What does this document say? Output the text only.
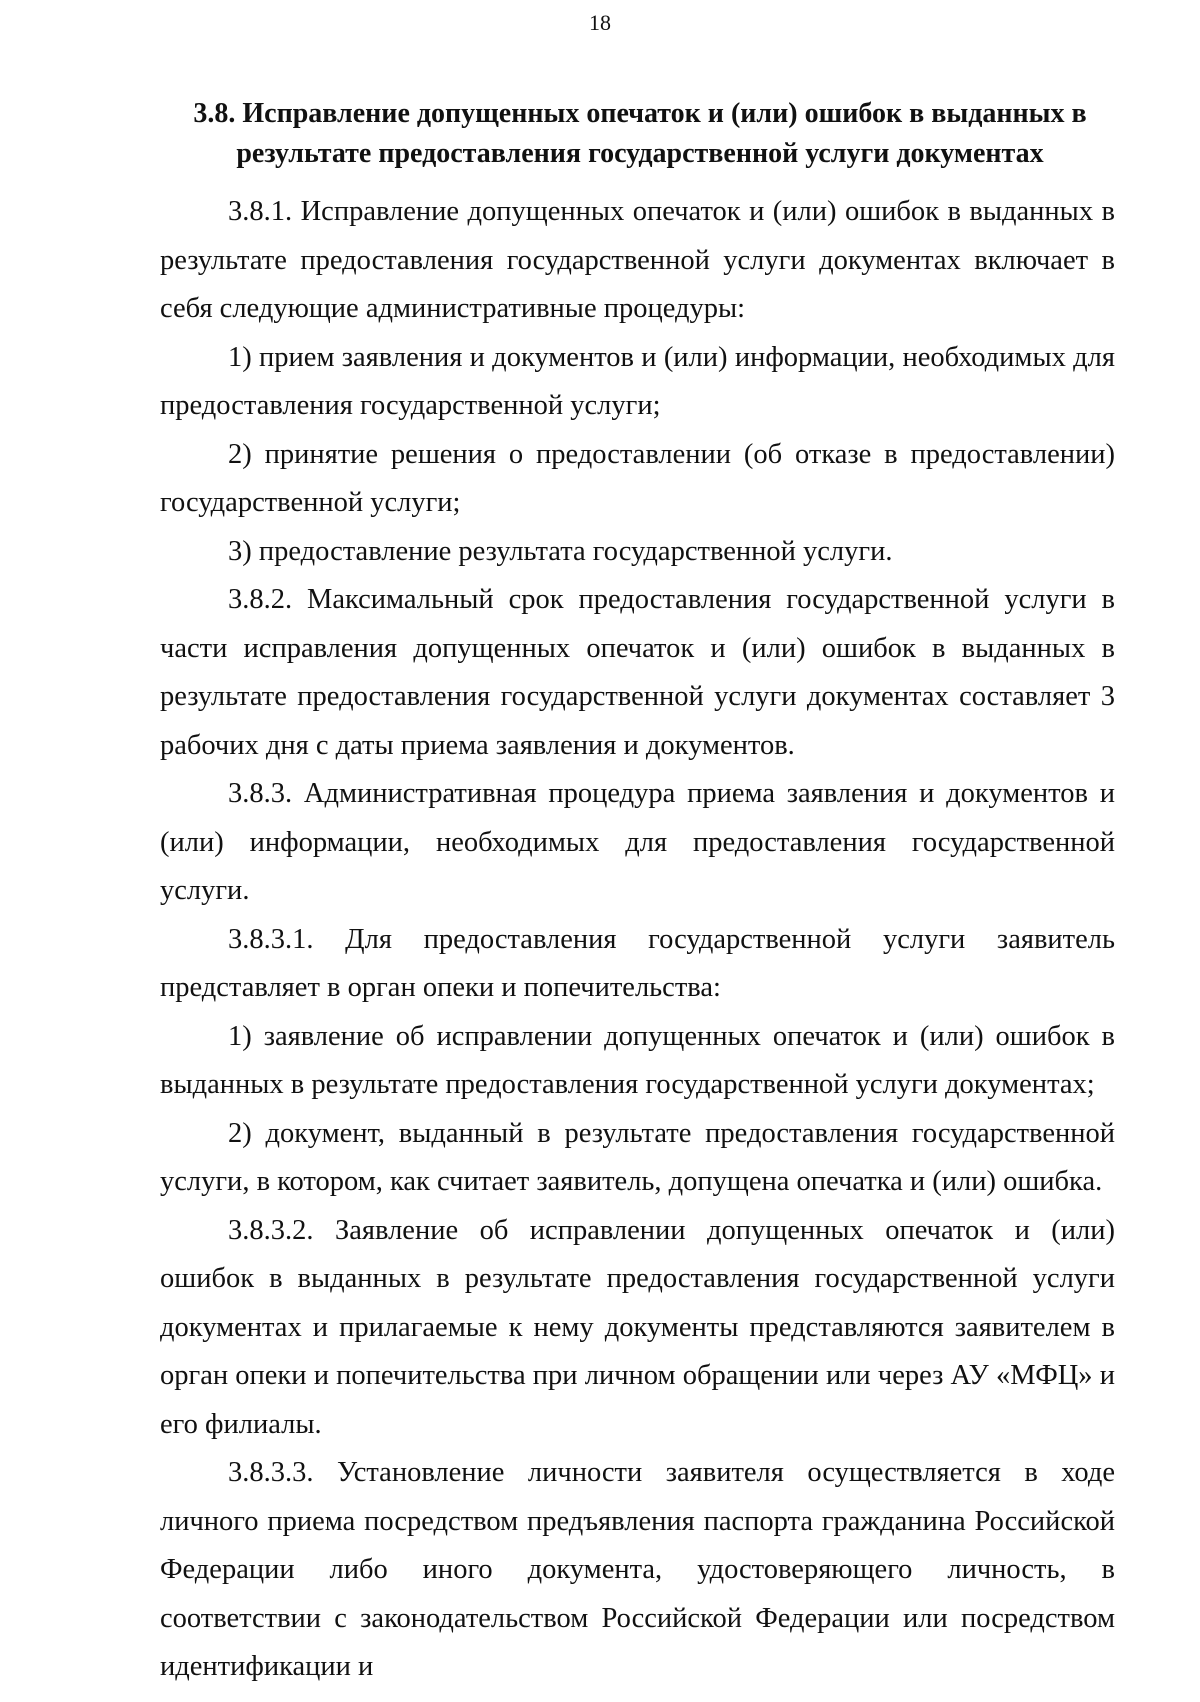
18
3.8. Исправление допущенных опечаток и (или) ошибок в выданных в результате предоставления государственной услуги документах

3.8.1. Исправление допущенных опечаток и (или) ошибок в выданных в результате предоставления государственной услуги документах включает в себя следующие административные процедуры:

1) прием заявления и документов и (или) информации, необходимых для предоставления государственной услуги;

2) принятие решения о предоставлении (об отказе в предоставлении) государственной услуги;

3) предоставление результата государственной услуги.

3.8.2. Максимальный срок предоставления государственной услуги в части исправления допущенных опечаток и (или) ошибок в выданных в результате предоставления государственной услуги документах составляет 3 рабочих дня с даты приема заявления и документов.

3.8.3. Административная процедура приема заявления и документов и (или) информации, необходимых для предоставления государственной услуги.

3.8.3.1. Для предоставления государственной услуги заявитель представляет в орган опеки и попечительства:

1) заявление об исправлении допущенных опечаток и (или) ошибок в выданных в результате предоставления государственной услуги документах;

2) документ, выданный в результате предоставления государственной услуги, в котором, как считает заявитель, допущена опечатка и (или) ошибка.

3.8.3.2. Заявление об исправлении допущенных опечаток и (или) ошибок в выданных в результате предоставления государственной услуги документах и прилагаемые к нему документы представляются заявителем в орган опеки и попечительства при личном обращении или через АУ «МФЦ» и его филиалы.

3.8.3.3. Установление личности заявителя осуществляется в ходе личного приема посредством предъявления паспорта гражданина Российской Федерации либо иного документа, удостоверяющего личность, в соответствии с законодательством Российской Федерации или посредством идентификации и
